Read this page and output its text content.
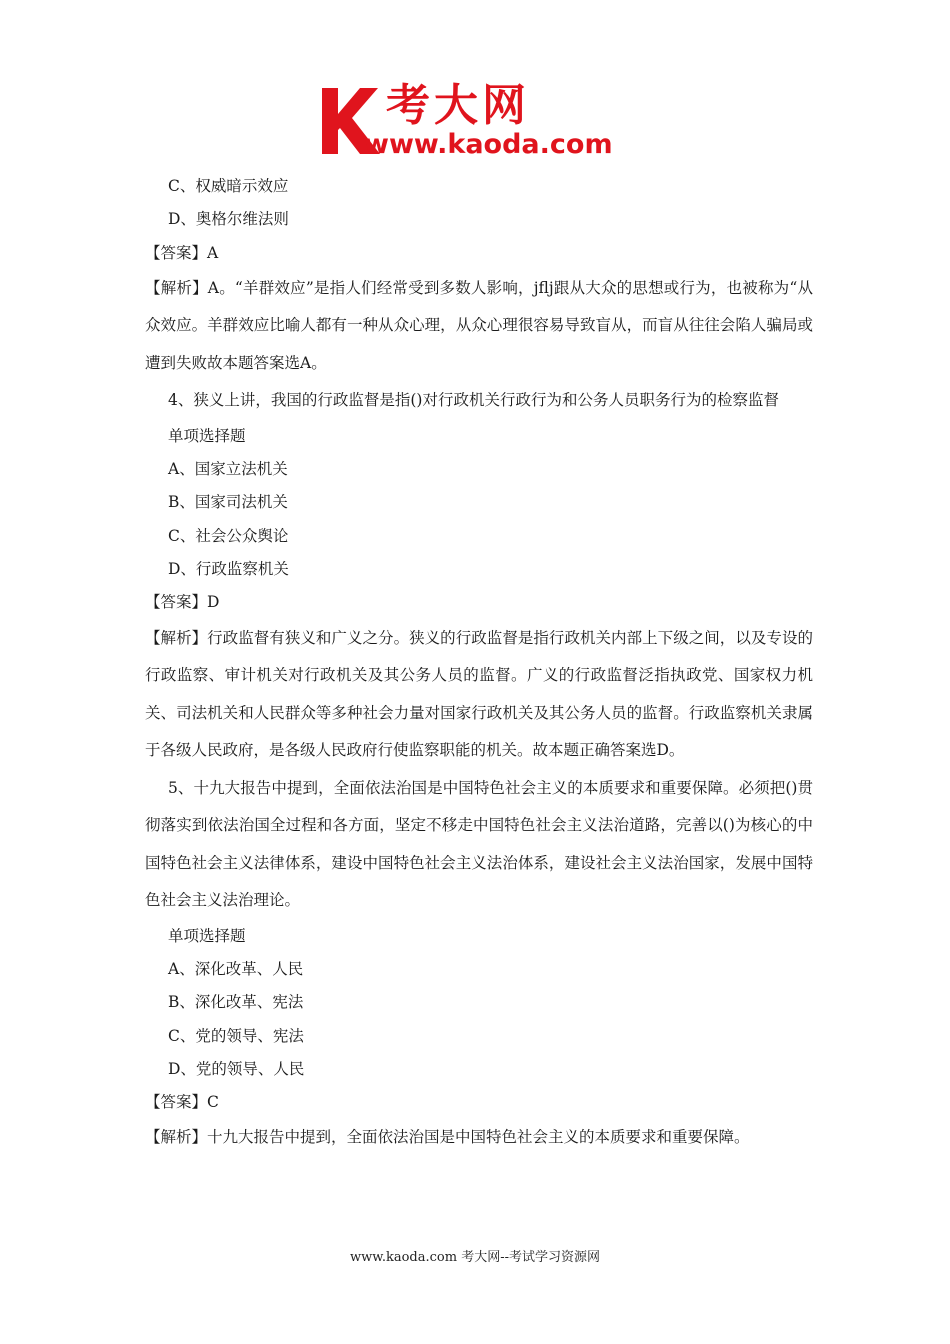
考大网
www.kaoda.com
C、权威暗示效应
D、奥格尔维法则
【答案】A
【解析】A。“羊群效应”是指人们经常受到多数人影响，jflj跟从大众的思想或行为，也被称为“从众效应。羊群效应比喻人都有一种从众心理，从众心理很容易导致盲从，而盲从往往会陷人骗局或遭到失败故本题答案选A。
4、狭义上讲，我国的行政监督是指()对行政机关行政行为和公务人员职务行为的检察监督
单项选择题
A、国家立法机关
B、国家司法机关
C、社会公众舆论
D、行政监察机关
【答案】D
【解析】行政监督有狭义和广义之分。狭义的行政监督是指行政机关内部上下级之间，以及专设的行政监察、审计机关对行政机关及其公务人员的监督。广义的行政监督泛指执政党、国家权力机关、司法机关和人民群众等多种社会力量对国家行政机关及其公务人员的监督。行政监察机关隶属于各级人民政府，是各级人民政府行使监察职能的机关。故本题正确答案选D。
5、十九大报告中提到，全面依法治国是中国特色社会主义的本质要求和重要保障。必须把()贯彻落实到依法治国全过程和各方面，坚定不移走中国特色社会主义法治道路，完善以()为核心的中国特色社会主义法律体系，建设中国特色社会主义法治体系，建设社会主义法治国家，发展中国特色社会主义法治理论。
单项选择题
A、深化改革、人民
B、深化改革、宪法
C、党的领导、宪法
D、党的领导、人民
【答案】C
【解析】十九大报告中提到，全面依法治国是中国特色社会主义的本质要求和重要保障。
www.kaoda.com 考大网--考试学习资源网
